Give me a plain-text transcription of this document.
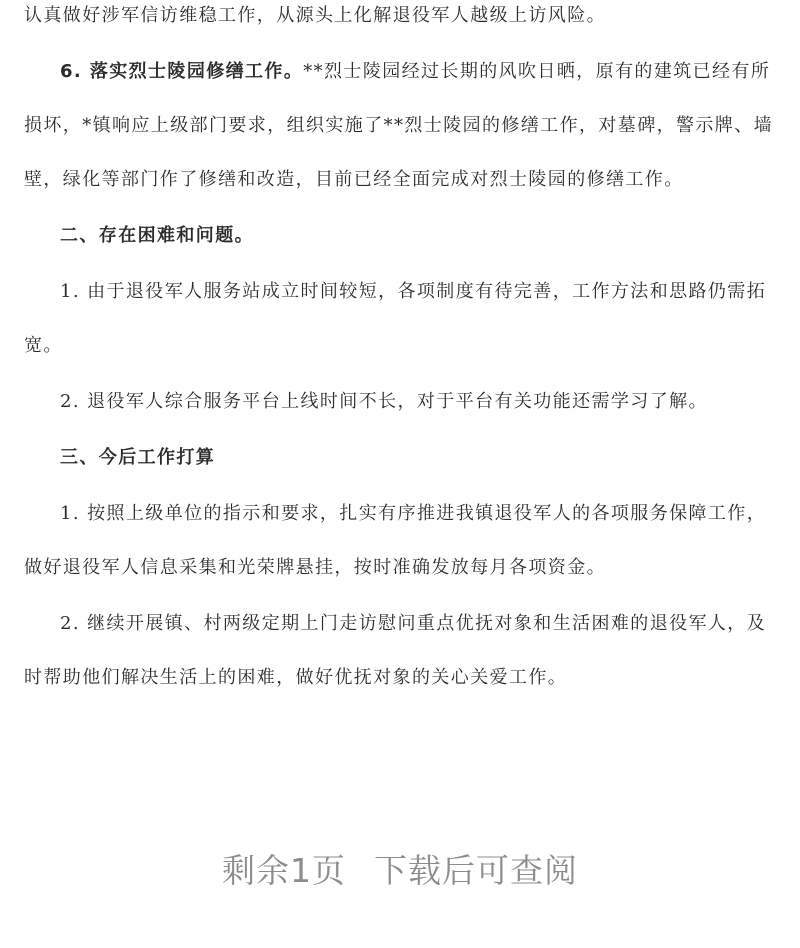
认真做好涉军信访维稳工作，从源头上化解退役军人越级上访风险。

6. 落实烈士陵园修缮工作。**烈士陵园经过长期的风吹日晒，原有的建筑已经有所损坏，*镇响应上级部门要求，组织实施了**烈士陵园的修缮工作，对墓碑，警示牌、墙壁，绿化等部门作了修缮和改造，目前已经全面完成对烈士陵园的修缮工作。

二、存在困难和问题。

1. 由于退役军人服务站成立时间较短，各项制度有待完善，工作方法和思路仍需拓宽。

2. 退役军人综合服务平台上线时间不长，对于平台有关功能还需学习了解。

三、今后工作打算

1. 按照上级单位的指示和要求，扎实有序推进我镇退役军人的各项服务保障工作，做好退役军人信息采集和光荣牌悬挂，按时准确发放每月各项资金。

2. 继续开展镇、村两级定期上门走访慰问重点优抚对象和生活困难的退役军人，及时帮助他们解决生活上的困难，做好优抚对象的关心关爱工作。

剩余1页 下载后可查阅
